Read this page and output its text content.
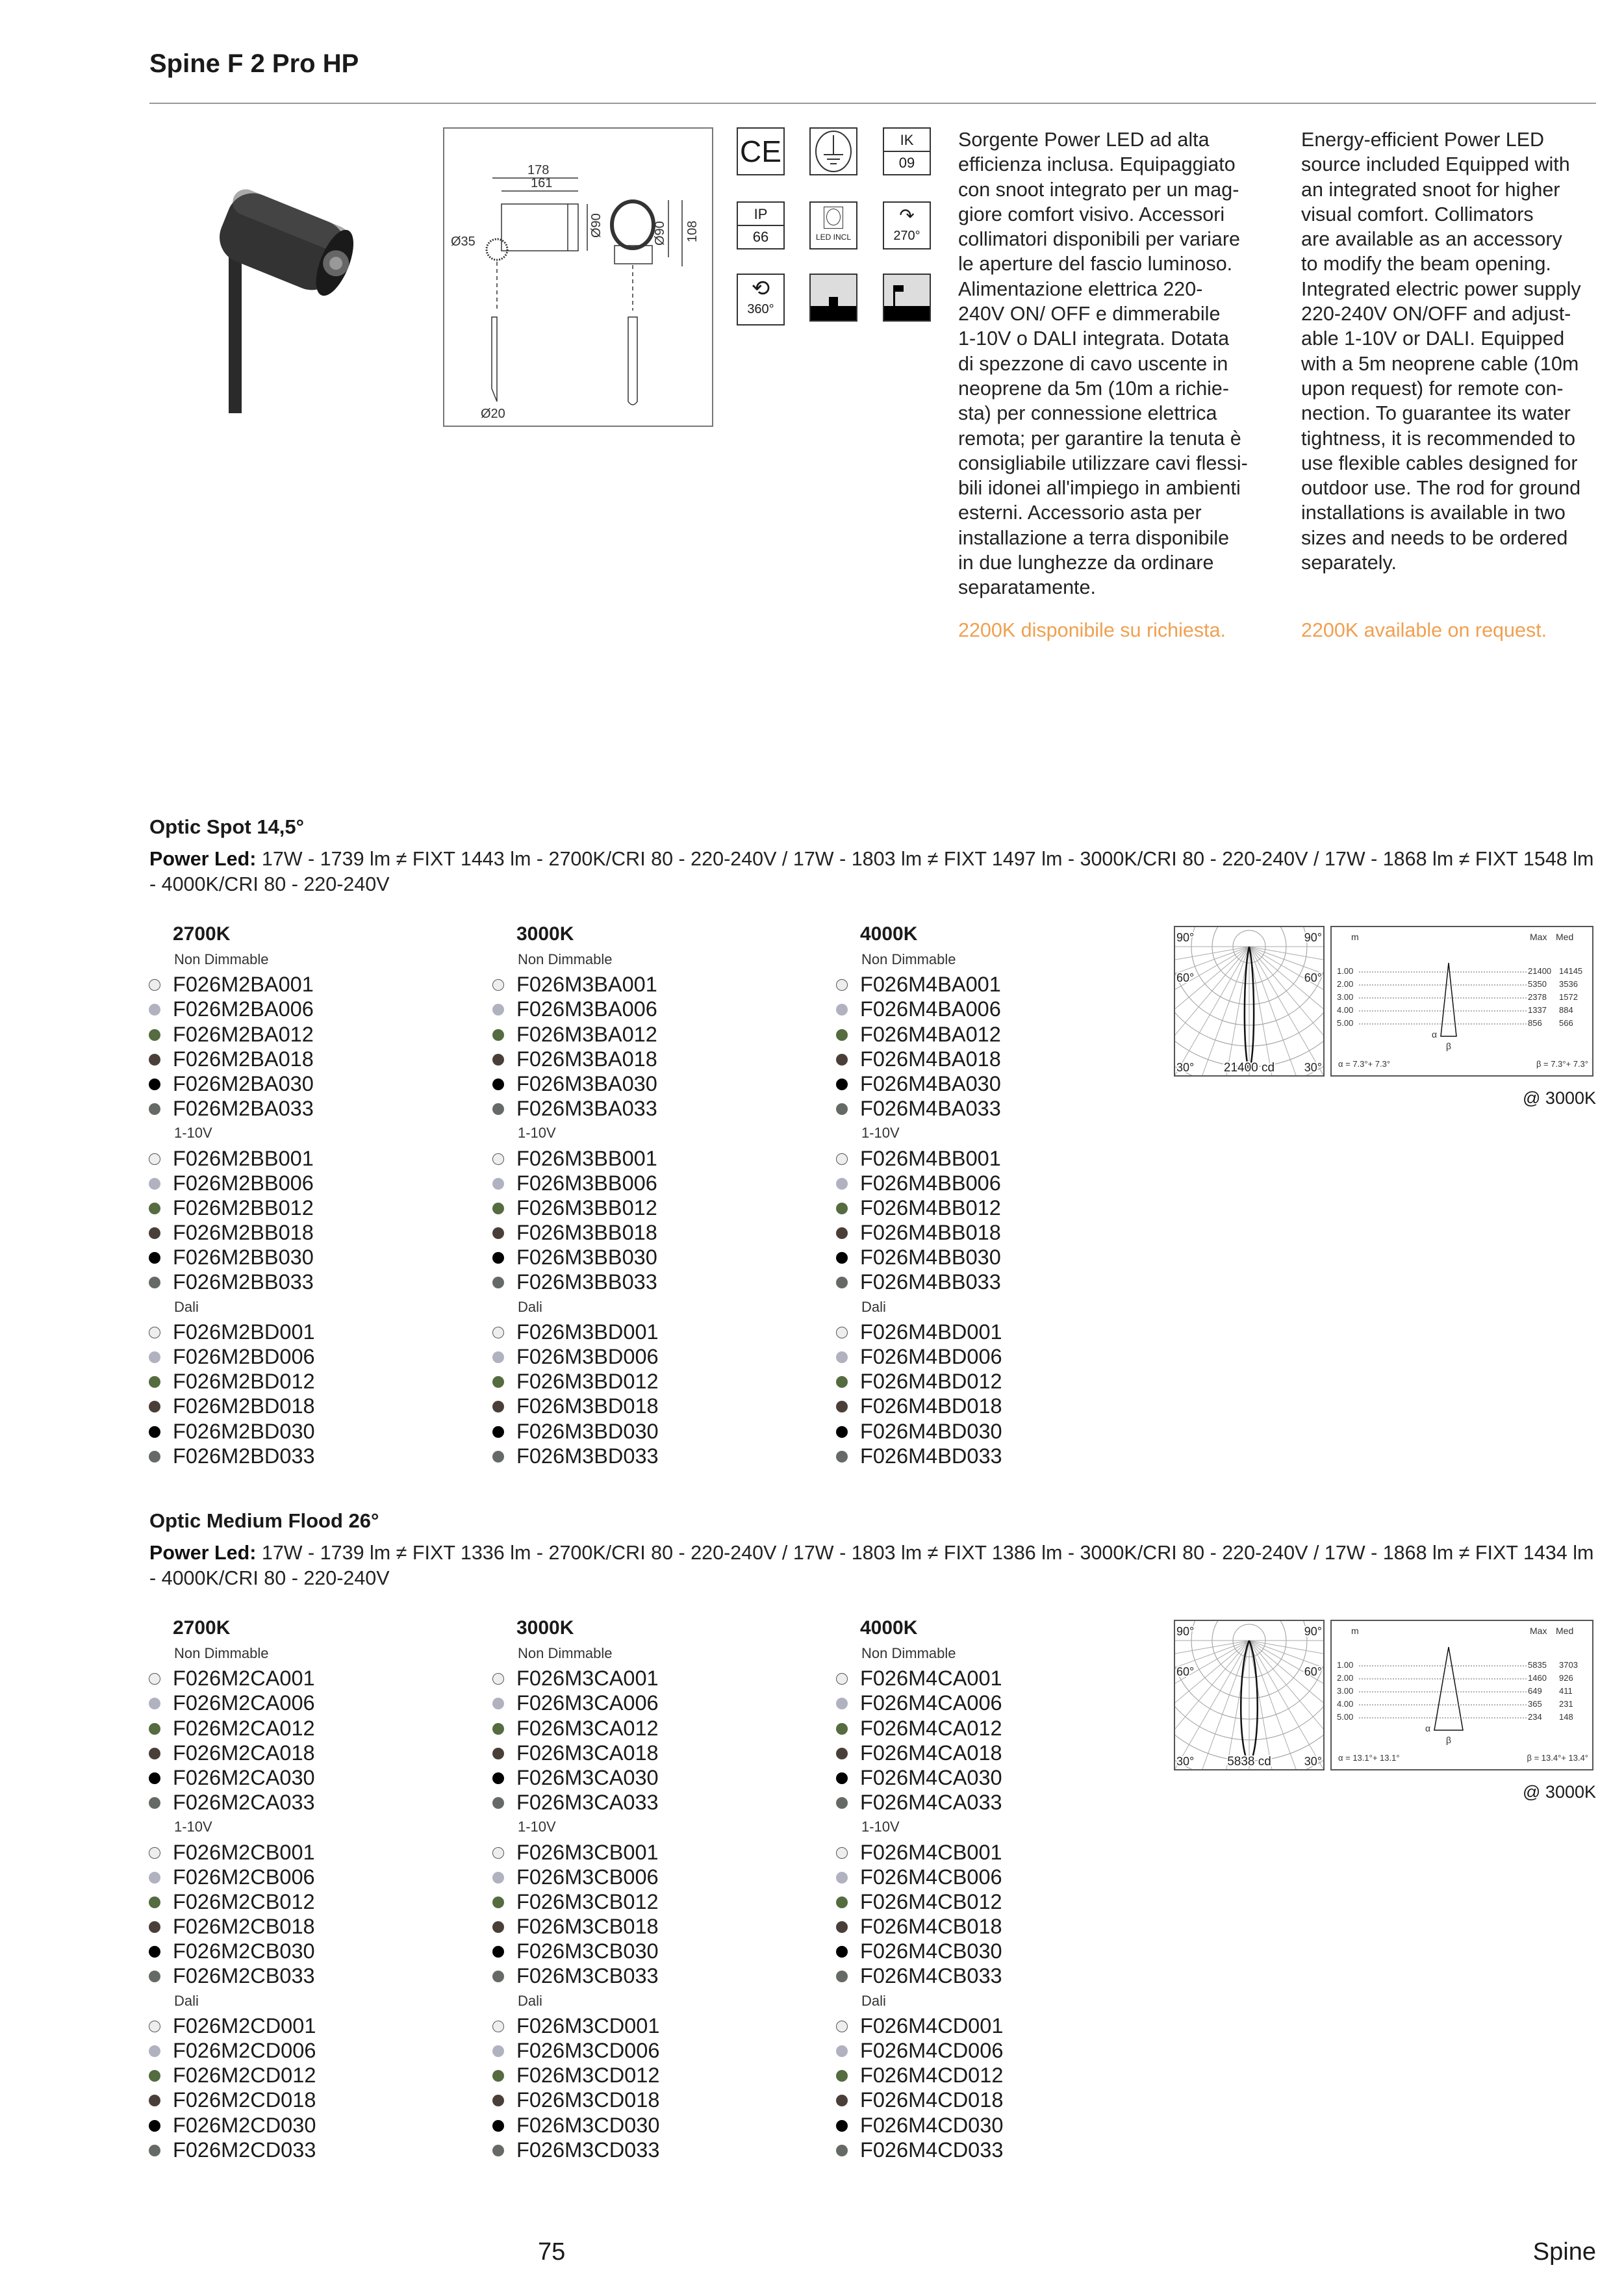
Spine F 2 Pro HP
178
161
Ø90
Ø35
Ø20
Ø90 108
CE	IK
09
IP
66	LED INCL
↷
270°
⟲
360°
Sorgente Power LED ad alta
efficienza inclusa. Equipaggiato
con snoot integrato per un mag-
giore comfort visivo. Accessori
collimatori disponibili per variare
le aperture del fascio luminoso.
Alimentazione elettrica 220-
240V ON/ OFF e dimmerabile
1-10V o DALI integrata. Dotata
di spezzone di cavo uscente in
neoprene da 5m (10m a richie-
sta) per connessione elettrica
remota; per garantire la tenuta è
consigliabile utilizzare cavi flessi-
bili idonei all'impiego in ambienti
esterni. Accessorio asta per
installazione a terra disponibile
in due lunghezze da ordinare
separatamente.
Energy-efficient Power LED
source included Equipped with
an integrated snoot for higher
visual comfort. Collimators
are available as an accessory
to modify the beam opening.
Integrated electric power supply
220-240V ON/OFF and adjust-
able 1-10V or DALI. Equipped
with a 5m neoprene cable (10m
upon request) for remote con-
nection. To guarantee its water
tightness, it is recommended to
use flexible cables designed for
outdoor use. The rod for ground
installations is available in two
sizes and needs to be ordered
separately.
2200K disponibile su richiesta.	2200K available on request.
Optic Spot 14,5°
Power Led: 17W - 1739 lm ≠ FIXT 1443 lm - 2700K/CRI 80 - 220-240V / 17W - 1803 lm ≠ FIXT 1497 lm - 3000K/CRI 80 - 220-240V / 17W - 1868 lm ≠ FIXT 1548 lm - 4000K/CRI 80 - 220-240V
2700K
Non Dimmable
F026M2BA001
F026M2BA006
F026M2BA012
F026M2BA018
F026M2BA030
F026M2BA033
1-10V
F026M2BB001
F026M2BB006
F026M2BB012
F026M2BB018
F026M2BB030
F026M2BB033
Dali
F026M2BD001
F026M2BD006
F026M2BD012
F026M2BD018
F026M2BD030
F026M2BD033
3000K
Non Dimmable
F026M3BA001
F026M3BA006
F026M3BA012
F026M3BA018
F026M3BA030
F026M3BA033
1-10V
F026M3BB001
F026M3BB006
F026M3BB012
F026M3BB018
F026M3BB030
F026M3BB033
Dali
F026M3BD001
F026M3BD006
F026M3BD012
F026M3BD018
F026M3BD030
F026M3BD033
4000K
Non Dimmable
F026M4BA001
F026M4BA006
F026M4BA012
F026M4BA018
F026M4BA030
F026M4BA033
1-10V
F026M4BB001
F026M4BB006
F026M4BB012
F026M4BB018
F026M4BB030
F026M4BB033
Dali
F026M4BD001
F026M4BD006
F026M4BD012
F026M4BD018
F026M4BD030
F026M4BD033
90°	90°
60°	60°
30°	30°
21400 cd
m	Max Med
1.00	21400 14145
2.00	5350 3536
3.00	2378 1572
4.00	1337 884
5.00	856 566
α
β
α = 7.3°+ 7.3°	β = 7.3°+ 7.3°
@ 3000K
Optic Medium Flood 26°
Power Led: 17W - 1739 lm ≠ FIXT 1336 lm - 2700K/CRI 80 - 220-240V / 17W - 1803 lm ≠ FIXT 1386 lm - 3000K/CRI 80 - 220-240V / 17W - 1868 lm ≠ FIXT 1434 lm - 4000K/CRI 80 - 220-240V
2700K
Non Dimmable
F026M2CA001
F026M2CA006
F026M2CA012
F026M2CA018
F026M2CA030
F026M2CA033
1-10V
F026M2CB001
F026M2CB006
F026M2CB012
F026M2CB018
F026M2CB030
F026M2CB033
Dali
F026M2CD001
F026M2CD006
F026M2CD012
F026M2CD018
F026M2CD030
F026M2CD033
3000K
Non Dimmable
F026M3CA001
F026M3CA006
F026M3CA012
F026M3CA018
F026M3CA030
F026M3CA033
1-10V
F026M3CB001
F026M3CB006
F026M3CB012
F026M3CB018
F026M3CB030
F026M3CB033
Dali
F026M3CD001
F026M3CD006
F026M3CD012
F026M3CD018
F026M3CD030
F026M3CD033
4000K
Non Dimmable
F026M4CA001
F026M4CA006
F026M4CA012
F026M4CA018
F026M4CA030
F026M4CA033
1-10V
F026M4CB001
F026M4CB006
F026M4CB012
F026M4CB018
F026M4CB030
F026M4CB033
Dali
F026M4CD001
F026M4CD006
F026M4CD012
F026M4CD018
F026M4CD030
F026M4CD033
90°	90°
60°	60°
30°	30°
5838 cd
m	Max Med
1.00	5835 3703
2.00	1460 926
3.00	649 411
4.00	365 231
5.00	234 148
α
β
α = 13.1°+ 13.1°	β = 13.4°+ 13.4°
@ 3000K
75	Spine
